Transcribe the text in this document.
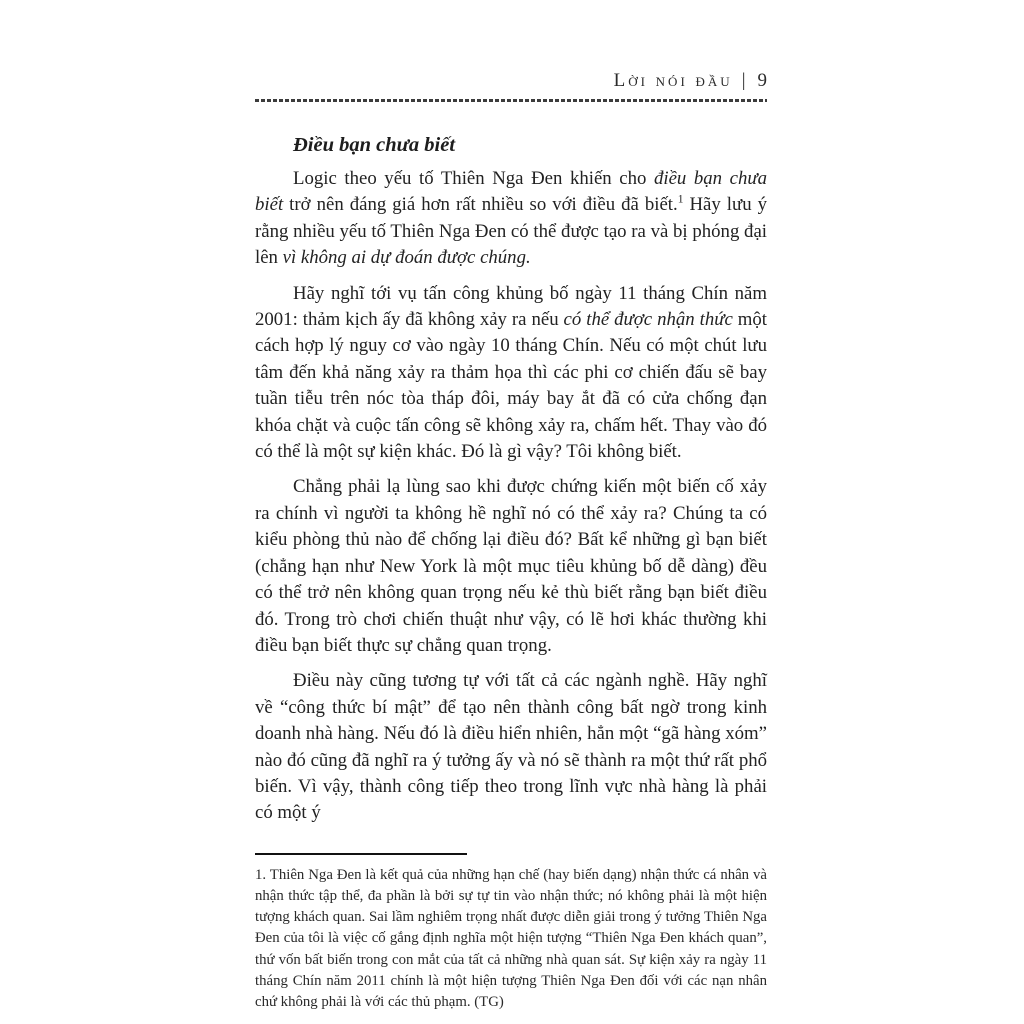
Lời nói đầu | 9
Điều bạn chưa biết

Logic theo yếu tố Thiên Nga Đen khiến cho điều bạn chưa biết trở nên đáng giá hơn rất nhiều so với điều đã biết.$^1$ Hãy lưu ý rằng nhiều yếu tố Thiên Nga Đen có thể được tạo ra và bị phóng đại lên vì không ai dự đoán được chúng.

Hãy nghĩ tới vụ tấn công khủng bố ngày 11 tháng Chín năm 2001: thảm kịch ấy đã không xảy ra nếu có thể được nhận thức một cách hợp lý nguy cơ vào ngày 10 tháng Chín. Nếu có một chút lưu tâm đến khả năng xảy ra thảm họa thì các phi cơ chiến đấu sẽ bay tuần tiễu trên nóc tòa tháp đôi, máy bay ắt đã có cửa chống đạn khóa chặt và cuộc tấn công sẽ không xảy ra, chấm hết. Thay vào đó có thể là một sự kiện khác. Đó là gì vậy? Tôi không biết.

Chẳng phải lạ lùng sao khi được chứng kiến một biến cố xảy ra chính vì người ta không hề nghĩ nó có thể xảy ra? Chúng ta có kiểu phòng thủ nào để chống lại điều đó? Bất kể những gì bạn biết (chẳng hạn như New York là một mục tiêu khủng bố dễ dàng) đều có thể trở nên không quan trọng nếu kẻ thù biết rằng bạn biết điều đó. Trong trò chơi chiến thuật như vậy, có lẽ hơi khác thường khi điều bạn biết thực sự chẳng quan trọng.

Điều này cũng tương tự với tất cả các ngành nghề. Hãy nghĩ về “công thức bí mật” để tạo nên thành công bất ngờ trong kinh doanh nhà hàng. Nếu đó là điều hiển nhiên, hẳn một “gã hàng xóm” nào đó cũng đã nghĩ ra ý tưởng ấy và nó sẽ thành ra một thứ rất phổ biến. Vì vậy, thành công tiếp theo trong lĩnh vực nhà hàng là phải có một ý

1. Thiên Nga Đen là kết quả của những hạn chế (hay biến dạng) nhận thức cá nhân và nhận thức tập thể, đa phần là bởi sự tự tin vào nhận thức; nó không phải là một hiện tượng khách quan. Sai lầm nghiêm trọng nhất được diễn giải trong ý tưởng Thiên Nga Đen của tôi là việc cố gắng định nghĩa một hiện tượng “Thiên Nga Đen khách quan”, thứ vốn bất biến trong con mắt của tất cả những nhà quan sát. Sự kiện xảy ra ngày 11 tháng Chín năm 2011 chính là một hiện tượng Thiên Nga Đen đối với các nạn nhân chứ không phải là với các thủ phạm. (TG)
